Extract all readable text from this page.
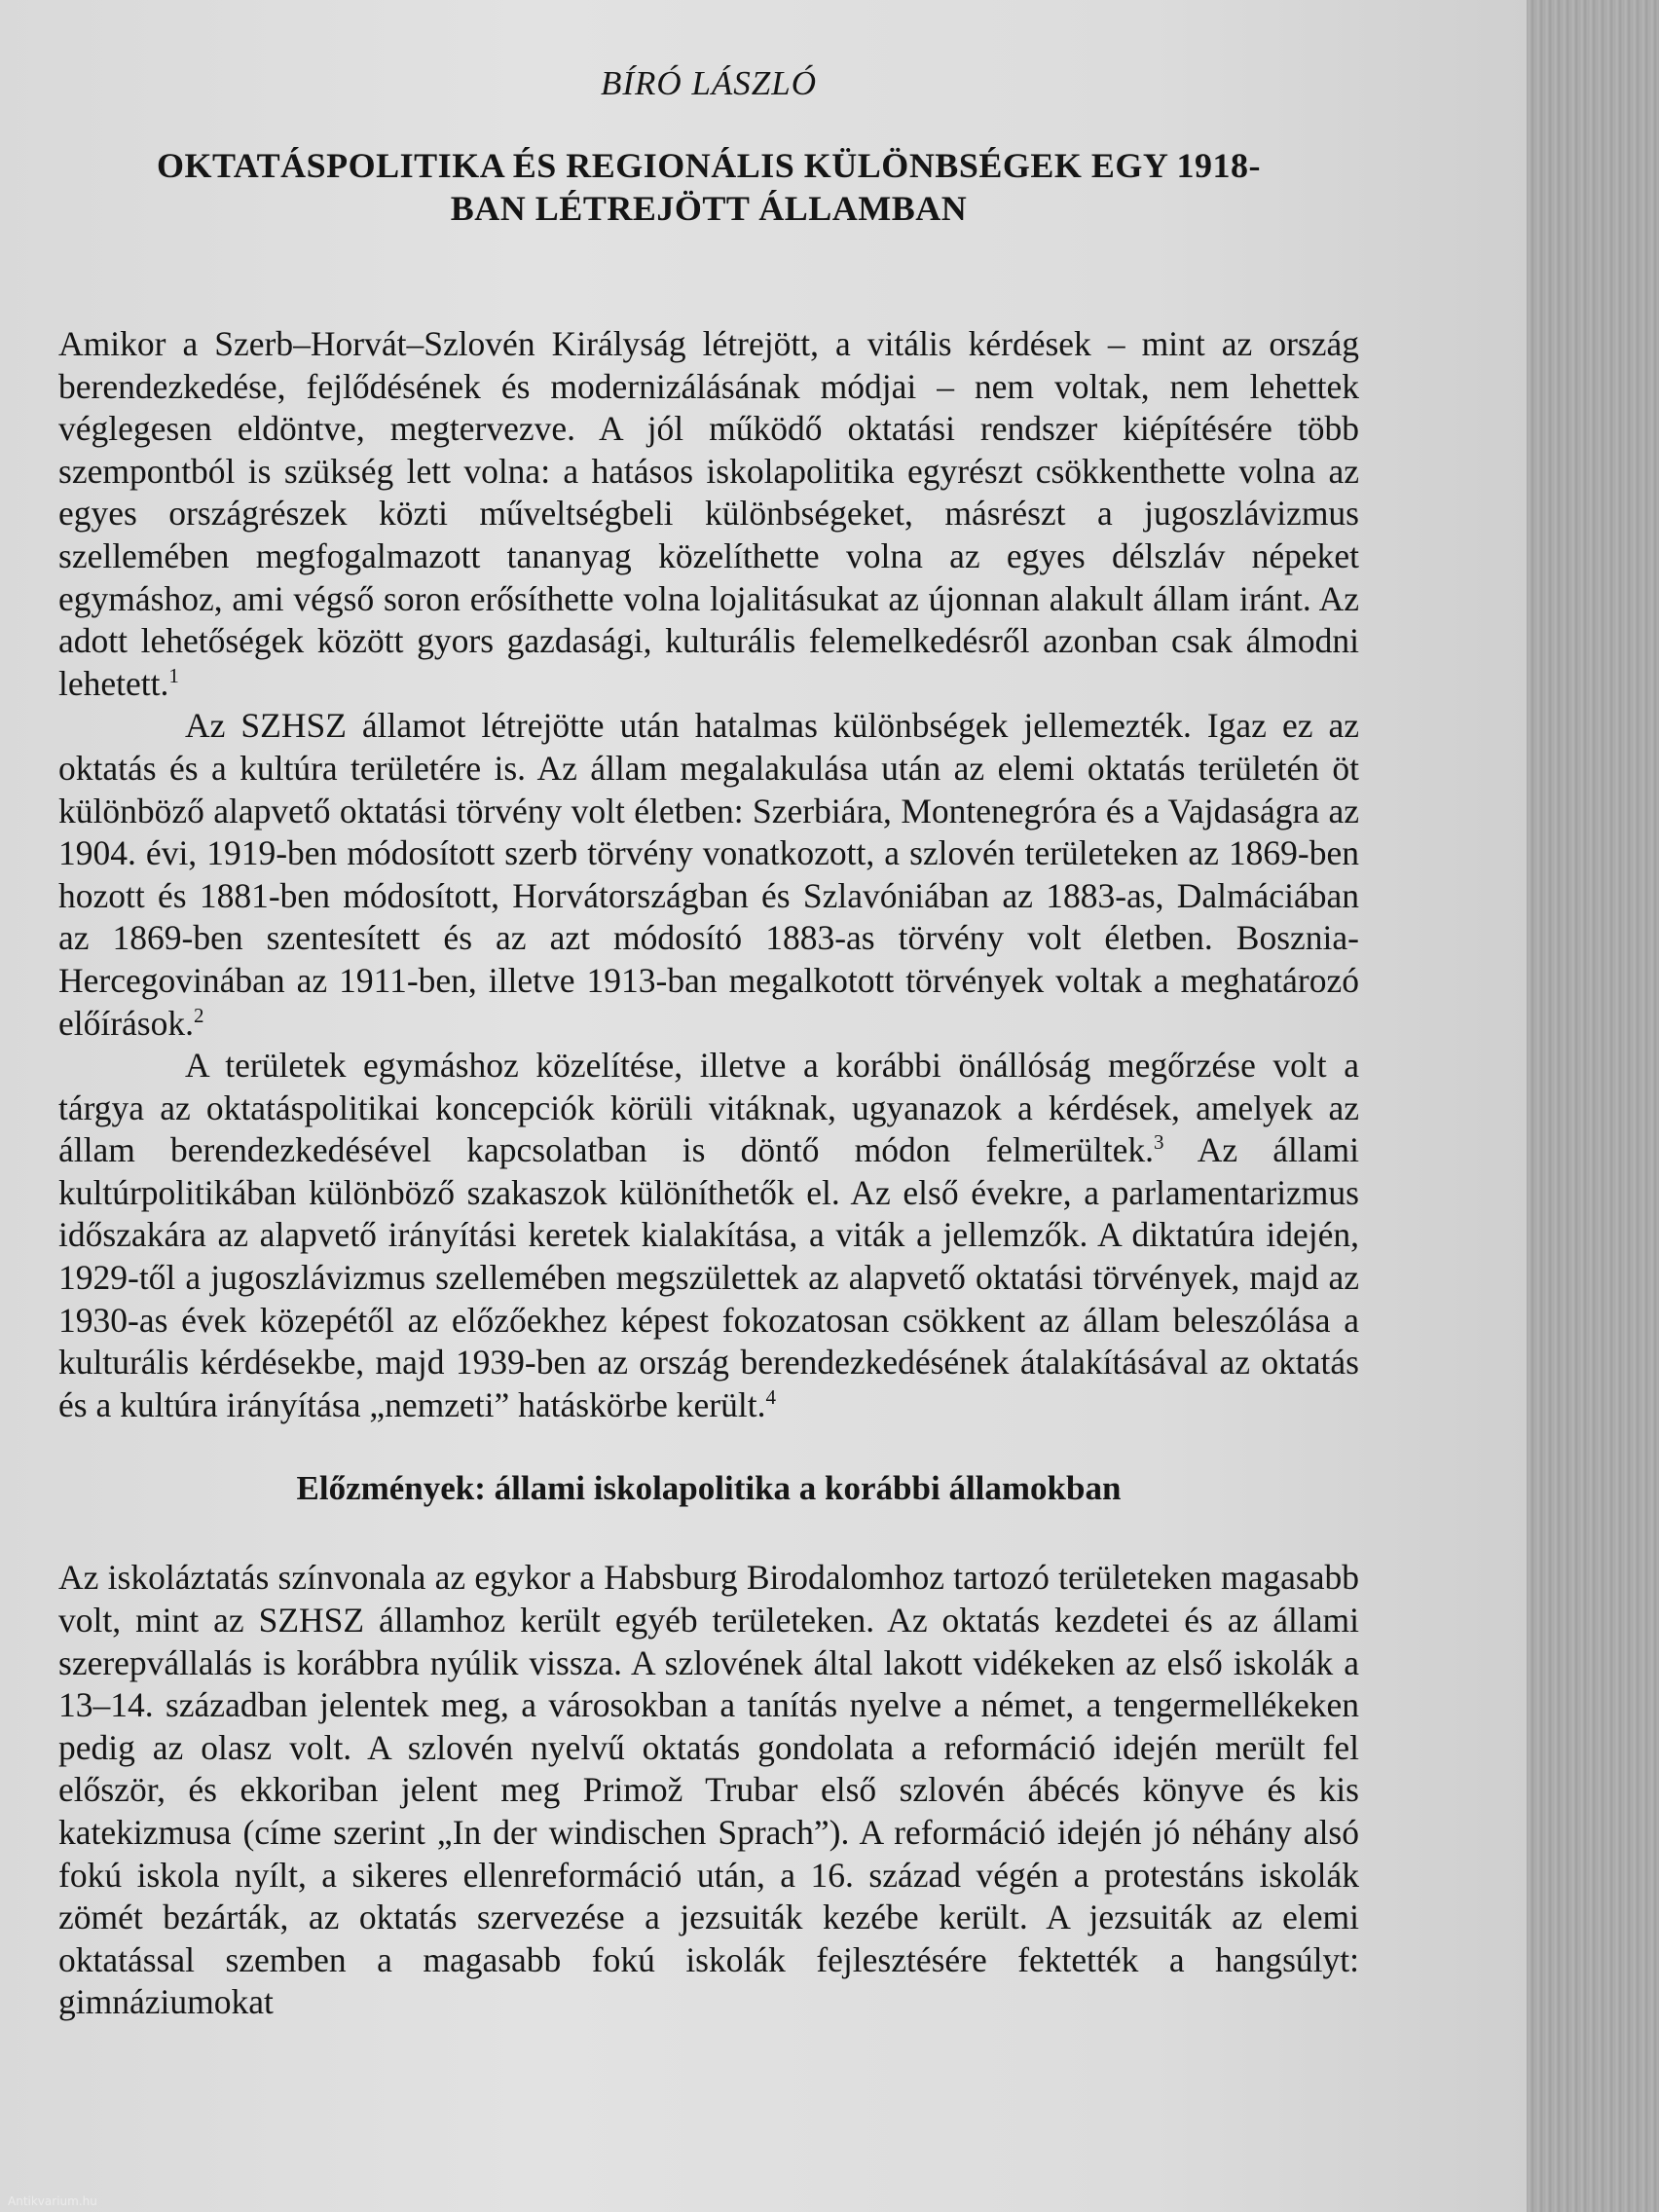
BÍRÓ LÁSZLÓ
OKTATÁSPOLITIKA ÉS REGIONÁLIS KÜLÖNBSÉGEK EGY 1918-
BAN LÉTREJÖTT ÁLLAMBAN

Amikor a Szerb–Horvát–Szlovén Királyság létrejött, a vitális kérdések – mint az ország berendezkedése, fejlődésének és modernizálásának módjai – nem voltak, nem lehettek véglegesen eldöntve, megtervezve. A jól működő oktatási rendszer kiépítésére több szempontból is szükség lett volna: a hatásos iskolapolitika egyrészt csökkenthette volna az egyes országrészek közti műveltségbeli különbségeket, másrészt a jugoszlávizmus szellemében megfogalmazott tananyag közelíthette volna az egyes délszláv népeket egymáshoz, ami végső soron erősíthette volna lojalitásukat az újonnan alakult állam iránt. Az adott lehetőségek között gyors gazdasági, kulturális felemelkedésről azonban csak álmodni lehetett.$^1$

Az SZHSZ államot létrejötte után hatalmas különbségek jellemezték. Igaz ez az oktatás és a kultúra területére is. Az állam megalakulása után az elemi oktatás területén öt különböző alapvető oktatási törvény volt életben: Szerbiára, Montenegróra és a Vajdaságra az 1904. évi, 1919-ben módosított szerb törvény vonatkozott, a szlovén területeken az 1869-ben hozott és 1881-ben módosított, Horvátországban és Szlavóniában az 1883-as, Dalmáciában az 1869-ben szentesített és az azt módosító 1883-as törvény volt életben. Bosznia-Hercegovinában az 1911-ben, illetve 1913-ban megalkotott törvények voltak a meghatározó előírások.$^2$

A területek egymáshoz közelítése, illetve a korábbi önállóság megőrzése volt a tárgya az oktatáspolitikai koncepciók körüli vitáknak, ugyanazok a kérdések, amelyek az állam berendezkedésével kapcsolatban is döntő módon felmerültek.$^3$ Az állami kultúrpolitikában különböző szakaszok különíthetők el. Az első évekre, a parlamentarizmus időszakára az alapvető irányítási keretek kialakítása, a viták a jellemzők. A diktatúra idején, 1929-től a jugoszlávizmus szellemében megszülettek az alapvető oktatási törvények, majd az 1930-as évek közepétől az előzőekhez képest fokozatosan csökkent az állam beleszólása a kulturális kérdésekbe, majd 1939-ben az ország berendezkedésének átalakításával az oktatás és a kultúra irányítása „nemzeti” hatáskörbe került.$^4$

Előzmények: állami iskolapolitika a korábbi államokban

Az iskoláztatás színvonala az egykor a Habsburg Birodalomhoz tartozó területeken magasabb volt, mint az SZHSZ államhoz került egyéb területeken. Az oktatás kezdetei és az állami szerepvállalás is korábbra nyúlik vissza. A szlovének által lakott vidékeken az első iskolák a 13–14. században jelentek meg, a városokban a tanítás nyelve a német, a tengermellékeken pedig az olasz volt. A szlovén nyelvű oktatás gondolata a reformáció idején merült fel először, és ekkoriban jelent meg Primož Trubar első szlovén ábécés könyve és kis katekizmusa (címe szerint „In der windischen Sprach”). A reformáció idején jó néhány alsó fokú iskola nyílt, a sikeres ellenreformáció után, a 16. század végén a protestáns iskolák zömét bezárták, az oktatás szervezése a jezsuiták kezébe került. A jezsuiták az elemi oktatással szemben a magasabb fokú iskolák fejlesztésére fektették a hangsúlyt: gimnáziumokat

Antikvarium.hu
